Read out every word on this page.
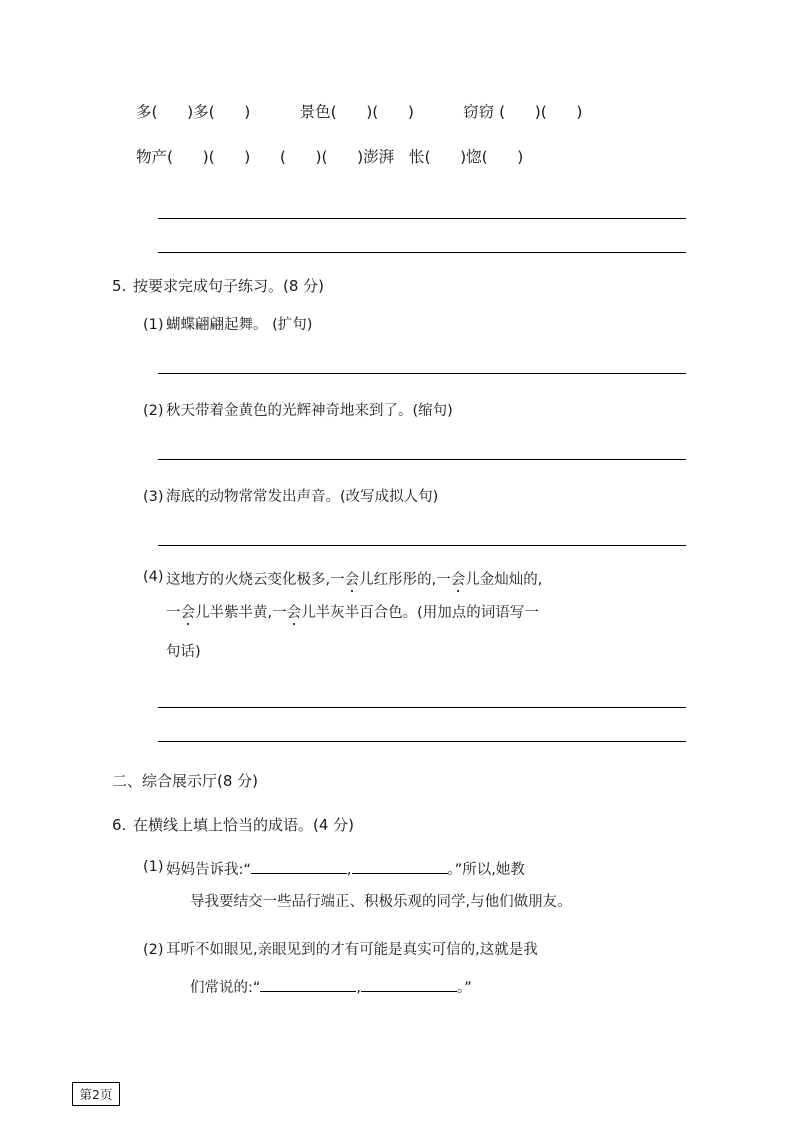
多(      )多(      )          景色(      )(      )          窃窃 (      )(      )
物产(      )(      )      (      )(      )澎湃   怅(      )惚(      )
5. 按要求完成句子练习。(8 分)
(1) 蝴蝶翩翩起舞。 (扩句)
(2) 秋天带着金黄色的光辉神奇地来到了。(缩句)
(3) 海底的动物常常发出声音。(改写成拟人句)
(4) 这地方的火烧云变化极多,一会儿红彤彤的,一会儿金灿灿的,
一会儿半紫半黄,一会儿半灰半百合色。(用加点的词语写一
句话)
二、综合展示厅(8 分)
6. 在横线上填上恰当的成语。(4 分)
(1) 妈妈告诉我:“	,	。”所以,她教
导我要结交一些品行端正、积极乐观的同学,与他们做朋友。
(2) 耳听不如眼见,亲眼见到的才有可能是真实可信的,这就是我
们常说的:“	,	。”
第2页
